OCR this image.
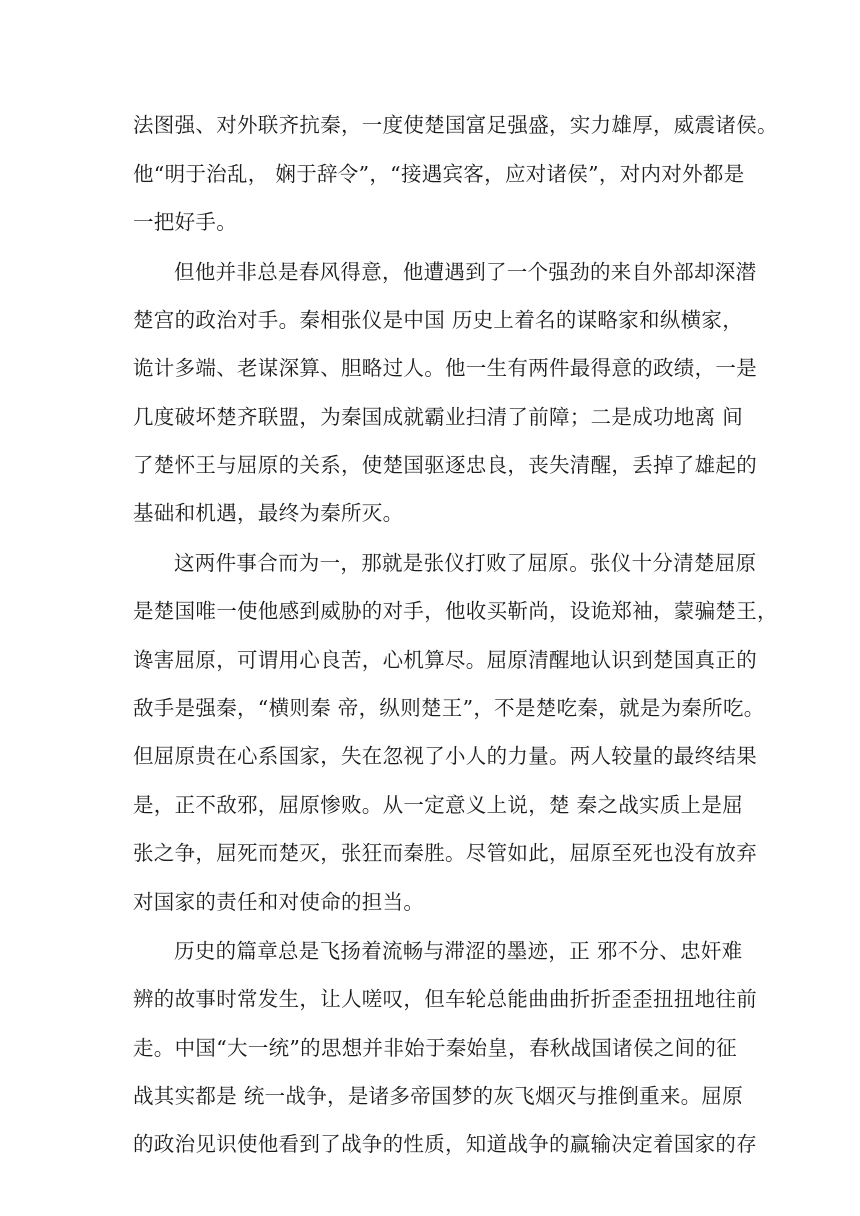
法图强、对外联齐抗秦，一度使楚国富足强盛，实力雄厚，威震诸侯。
他“明于治乱， 娴于辞令”，“接遇宾客，应对诸侯”，对内对外都是
一把好手。
但他并非总是春风得意，他遭遇到了一个强劲的来自外部却深潜
楚宫的政治对手。秦相张仪是中国 历史上着名的谋略家和纵横家，
诡计多端、老谋深算、胆略过人。他一生有两件最得意的政绩，一是
几度破坏楚齐联盟，为秦国成就霸业扫清了前障；二是成功地离 间
了楚怀王与屈原的关系，使楚国驱逐忠良，丧失清醒，丢掉了雄起的
基础和机遇，最终为秦所灭。
这两件事合而为一，那就是张仪打败了屈原。张仪十分清楚屈原
是楚国唯一使他感到威胁的对手，他收买靳尚，设诡郑袖，蒙骗楚王，
谗害屈原，可谓用心良苦，心机算尽。屈原清醒地认识到楚国真正的
敌手是强秦，“横则秦 帝，纵则楚王”，不是楚吃秦，就是为秦所吃。
但屈原贵在心系国家，失在忽视了小人的力量。两人较量的最终结果
是，正不敌邪，屈原惨败。从一定意义上说，楚 秦之战实质上是屈
张之争，屈死而楚灭，张狂而秦胜。尽管如此，屈原至死也没有放弃
对国家的责任和对使命的担当。
历史的篇章总是飞扬着流畅与滞涩的墨迹，正 邪不分、忠奸难
辨的故事时常发生，让人嗟叹，但车轮总能曲曲折折歪歪扭扭地往前
走。中国“大一统”的思想并非始于秦始皇，春秋战国诸侯之间的征
战其实都是 统一战争，是诸多帝国梦的灰飞烟灭与推倒重来。屈原
的政治见识使他看到了战争的性质，知道战争的赢输决定着国家的存
